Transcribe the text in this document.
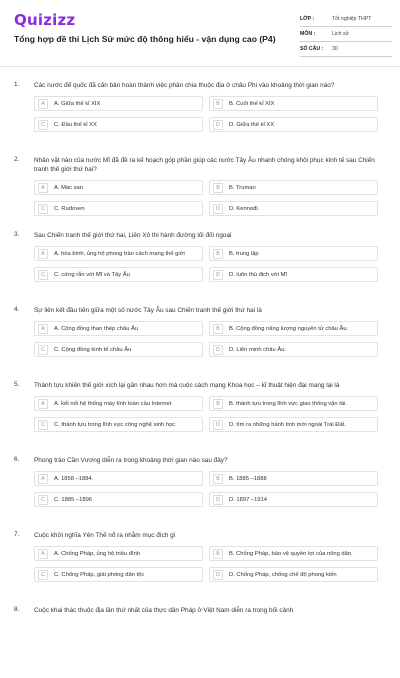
Quizizz
Tổng hợp đề thi Lịch Sử mức độ thông hiểu - vận dụng cao (P4)
LỚP :	Tốt nghiệp THPT
MÔN :	Lịch sử
SỐ CÂU :	30
1. Các nước đế quốc đã căn bản hoàn thành việc phân chia thuộc địa ở châu Phi vào khoảng thời gian nào?
A	A. Giữa thế kỉ XIX	B	B. Cuối thế kỉ XIX
C	C. Đầu thế kỉ XX	D	D. Giữa thế kỉ XX
2. Nhân vật nào của nước Mĩ đã đề ra kế hoạch góp phần giúp các nước Tây Âu nhanh chóng khôi phục kinh tế sau Chiến tranh thế giới thứ hai?
A	A. Mác san	B	B. Truman
C	C. Rudoven	D	D. Kennođi.
3. Sau Chiến tranh thế giới thứ hai, Liên Xô thi hành đường lối đối ngoại
A	A. hòa bình, ủng hộ phong trào cách mạng thế giới	B	B. trung lập
C	C. cứng rắn với Mĩ và Tây Âu	D	D. luôn thù địch với Mĩ
4. Sự liên kết đầu tiên giữa một số nước Tây Âu sau Chiến tranh thế giới thứ hai là
A	A. Cộng đồng than thép châu Âu	B	B. Cộng đồng năng lượng nguyên tử châu Âu.
C	C. Cộng đồng kinh tế châu Âu	D	D. Liên minh châu Âu.
5. Thành tựu khiến thế giới xích lại gần nhau hơn mà cuộc cách mạng Khoa học – kĩ thuật hiện đại mang lại là
A	A. kết nối hệ thống máy tính toàn cầu Internet	B	B. thành tựu trong lĩnh vực giao thông vận tải.
C	C. thành tựu trong lĩnh vực công nghệ sinh học	D	D. tìm ra những hành tinh mới ngoài Trái Đất.
6. Phong trào Cần Vương diễn ra trong khoảng thời gian nào sau đây?
A	A. 1858 –1884.	B	B. 1885 –1888
C	C. 1885 –1896	D	D. 1897 –1914
7. Cuộc khởi nghĩa Yên Thế nổ ra nhằm mục đích gì
A	A. Chống Pháp, ủng hộ triều đình	B	B. Chống Pháp, bảo vệ quyền lợi của nông dân.
C	C. Chống Pháp, giải phóng dân tộc	D	D. Chống Pháp, chống chế độ phong kiến
8. Cuộc khai thác thuộc địa lần thứ nhất của thực dân Pháp ở Việt Nam diễn ra trong bối cảnh
